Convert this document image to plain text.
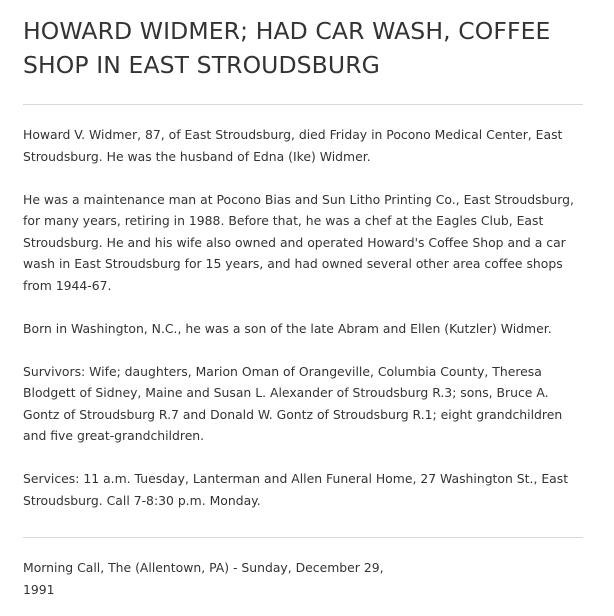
HOWARD WIDMER; HAD CAR WASH, COFFEE SHOP IN EAST STROUDSBURG

Howard V. Widmer, 87, of East Stroudsburg, died Friday in Pocono Medical Center, East Stroudsburg. He was the husband of Edna (Ike) Widmer.

He was a maintenance man at Pocono Bias and Sun Litho Printing Co., East Stroudsburg, for many years, retiring in 1988. Before that, he was a chef at the Eagles Club, East Stroudsburg. He and his wife also owned and operated Howard's Coffee Shop and a car wash in East Stroudsburg for 15 years, and had owned several other area coffee shops from 1944-67.

Born in Washington, N.C., he was a son of the late Abram and Ellen (Kutzler) Widmer.

Survivors: Wife; daughters, Marion Oman of Orangeville, Columbia County, Theresa Blodgett of Sidney, Maine and Susan L. Alexander of Stroudsburg R.3; sons, Bruce A. Gontz of Stroudsburg R.7 and Donald W. Gontz of Stroudsburg R.1; eight grandchildren and five great-grandchildren.

Services: 11 a.m. Tuesday, Lanterman and Allen Funeral Home, 27 Washington St., East Stroudsburg. Call 7-8:30 p.m. Monday.

Morning Call, The (Allentown, PA) - Sunday, December 29, 1991
